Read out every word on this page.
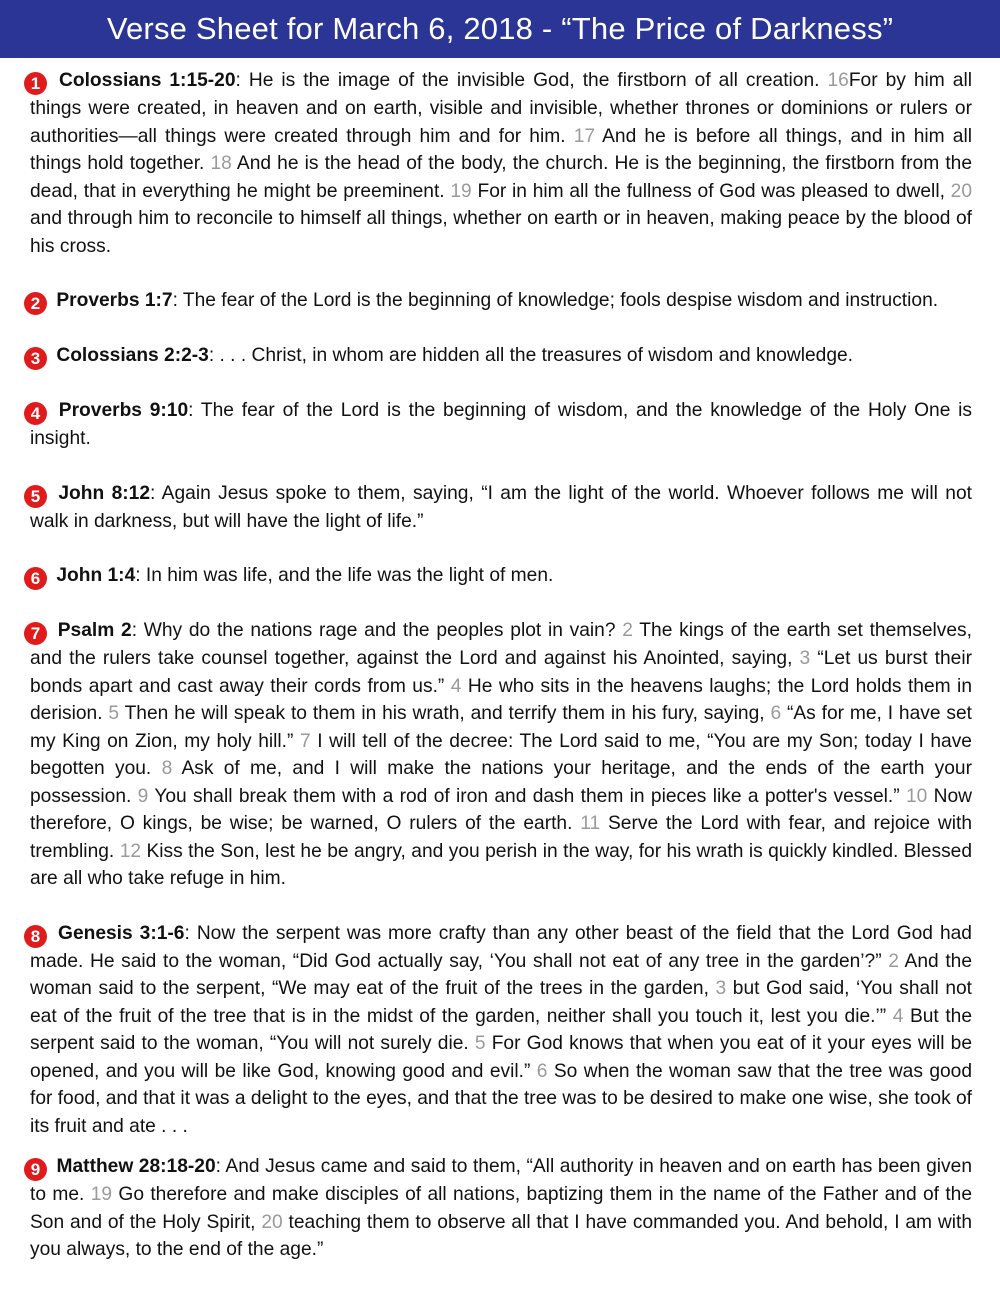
Verse Sheet for March 6, 2018 - “The Price of Darkness”

1 Colossians 1:15-20: He is the image of the invisible God, the firstborn of all creation. 16For by him all things were created, in heaven and on earth, visible and invisible, whether thrones or dominions or rulers or authorities—all things were created through him and for him. 17 And he is before all things, and in him all things hold together. 18 And he is the head of the body, the church. He is the beginning, the firstborn from the dead, that in everything he might be preeminent. 19 For in him all the fullness of God was pleased to dwell, 20 and through him to reconcile to himself all things, whether on earth or in heaven, making peace by the blood of his cross.

2 Proverbs 1:7: The fear of the Lord is the beginning of knowledge; fools despise wisdom and instruction.

3 Colossians 2:2-3: . . . Christ, in whom are hidden all the treasures of wisdom and knowledge.

4 Proverbs 9:10: The fear of the Lord is the beginning of wisdom, and the knowledge of the Holy One is insight.

5 John 8:12: Again Jesus spoke to them, saying, “I am the light of the world. Whoever follows me will not walk in darkness, but will have the light of life.”

6 John 1:4: In him was life, and the life was the light of men.

7 Psalm 2: Why do the nations rage and the peoples plot in vain? 2 The kings of the earth set themselves, and the rulers take counsel together, against the Lord and against his Anointed, saying, 3 “Let us burst their bonds apart and cast away their cords from us.” 4 He who sits in the heavens laughs; the Lord holds them in derision. 5 Then he will speak to them in his wrath, and terrify them in his fury, saying, 6 “As for me, I have set my King on Zion, my holy hill.” 7 I will tell of the decree: The Lord said to me, “You are my Son; today I have begotten you. 8 Ask of me, and I will make the nations your heritage, and the ends of the earth your possession. 9 You shall break them with a rod of iron and dash them in pieces like a potter's vessel.” 10 Now therefore, O kings, be wise; be warned, O rulers of the earth. 11 Serve the Lord with fear, and rejoice with trembling. 12 Kiss the Son, lest he be angry, and you perish in the way, for his wrath is quickly kindled. Blessed are all who take refuge in him.

8 Genesis 3:1-6: Now the serpent was more crafty than any other beast of the field that the Lord God had made. He said to the woman, “Did God actually say, ‘You shall not eat of any tree in the garden’?” 2 And the woman said to the serpent, “We may eat of the fruit of the trees in the garden, 3 but God said, ‘You shall not eat of the fruit of the tree that is in the midst of the garden, neither shall you touch it, lest you die.’” 4 But the serpent said to the woman, “You will not surely die. 5 For God knows that when you eat of it your eyes will be opened, and you will be like God, knowing good and evil.” 6 So when the woman saw that the tree was good for food, and that it was a delight to the eyes, and that the tree was to be desired to make one wise, she took of its fruit and ate . . .

9 Matthew 28:18-20: And Jesus came and said to them, “All authority in heaven and on earth has been given to me. 19 Go therefore and make disciples of all nations, baptizing them in the name of the Father and of the Son and of the Holy Spirit, 20 teaching them to observe all that I have commanded you. And behold, I am with you always, to the end of the age.”
